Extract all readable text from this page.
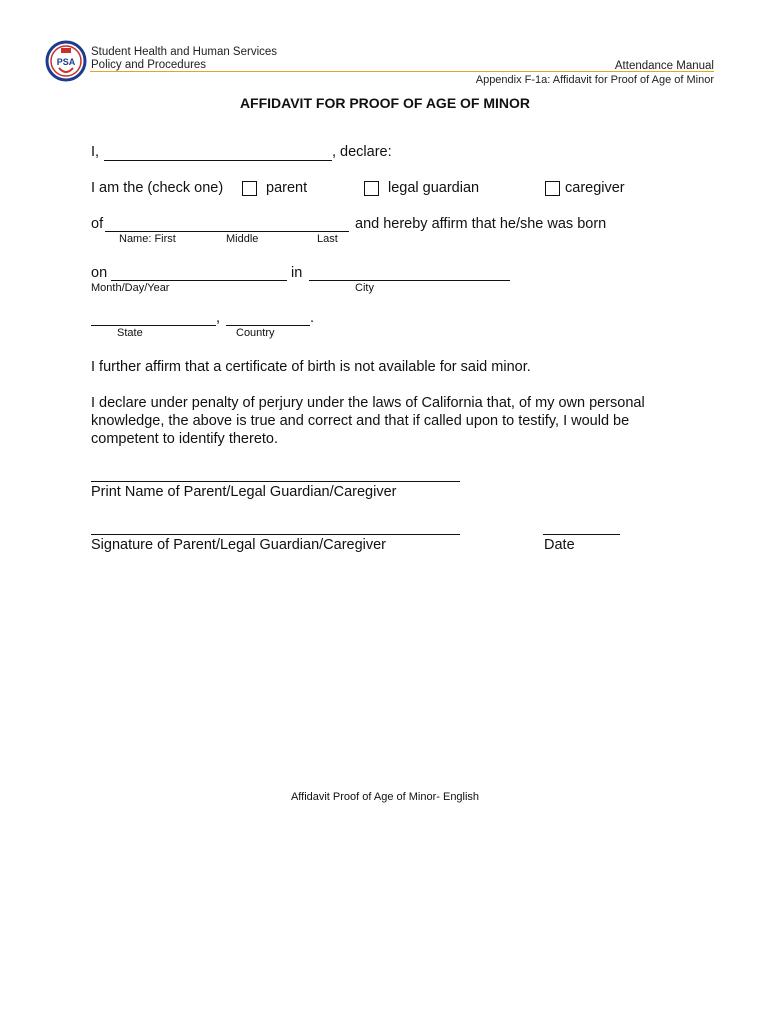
PSA
Student Health and Human Services
Policy and Procedures	Attendance Manual
Appendix F-1a: Affidavit for Proof of Age of Minor
AFFIDAVIT FOR PROOF OF AGE OF MINOR
I,	, declare:
I am the (check one)	parent	legal guardian	caregiver
of	and hereby affirm that he/she was born
Name: First	Middle	Last
on	in
Month/Day/Year	City
,	.
State	Country
I further affirm that a certificate of birth is not available for said minor.
I declare under penalty of perjury under the laws of California that, of my own personal
knowledge, the above is true and correct and that if called upon to testify, I would be
competent to identify thereto.
Print Name of Parent/Legal Guardian/Caregiver
Signature of Parent/Legal Guardian/Caregiver	Date
Affidavit Proof of Age of Minor- English
